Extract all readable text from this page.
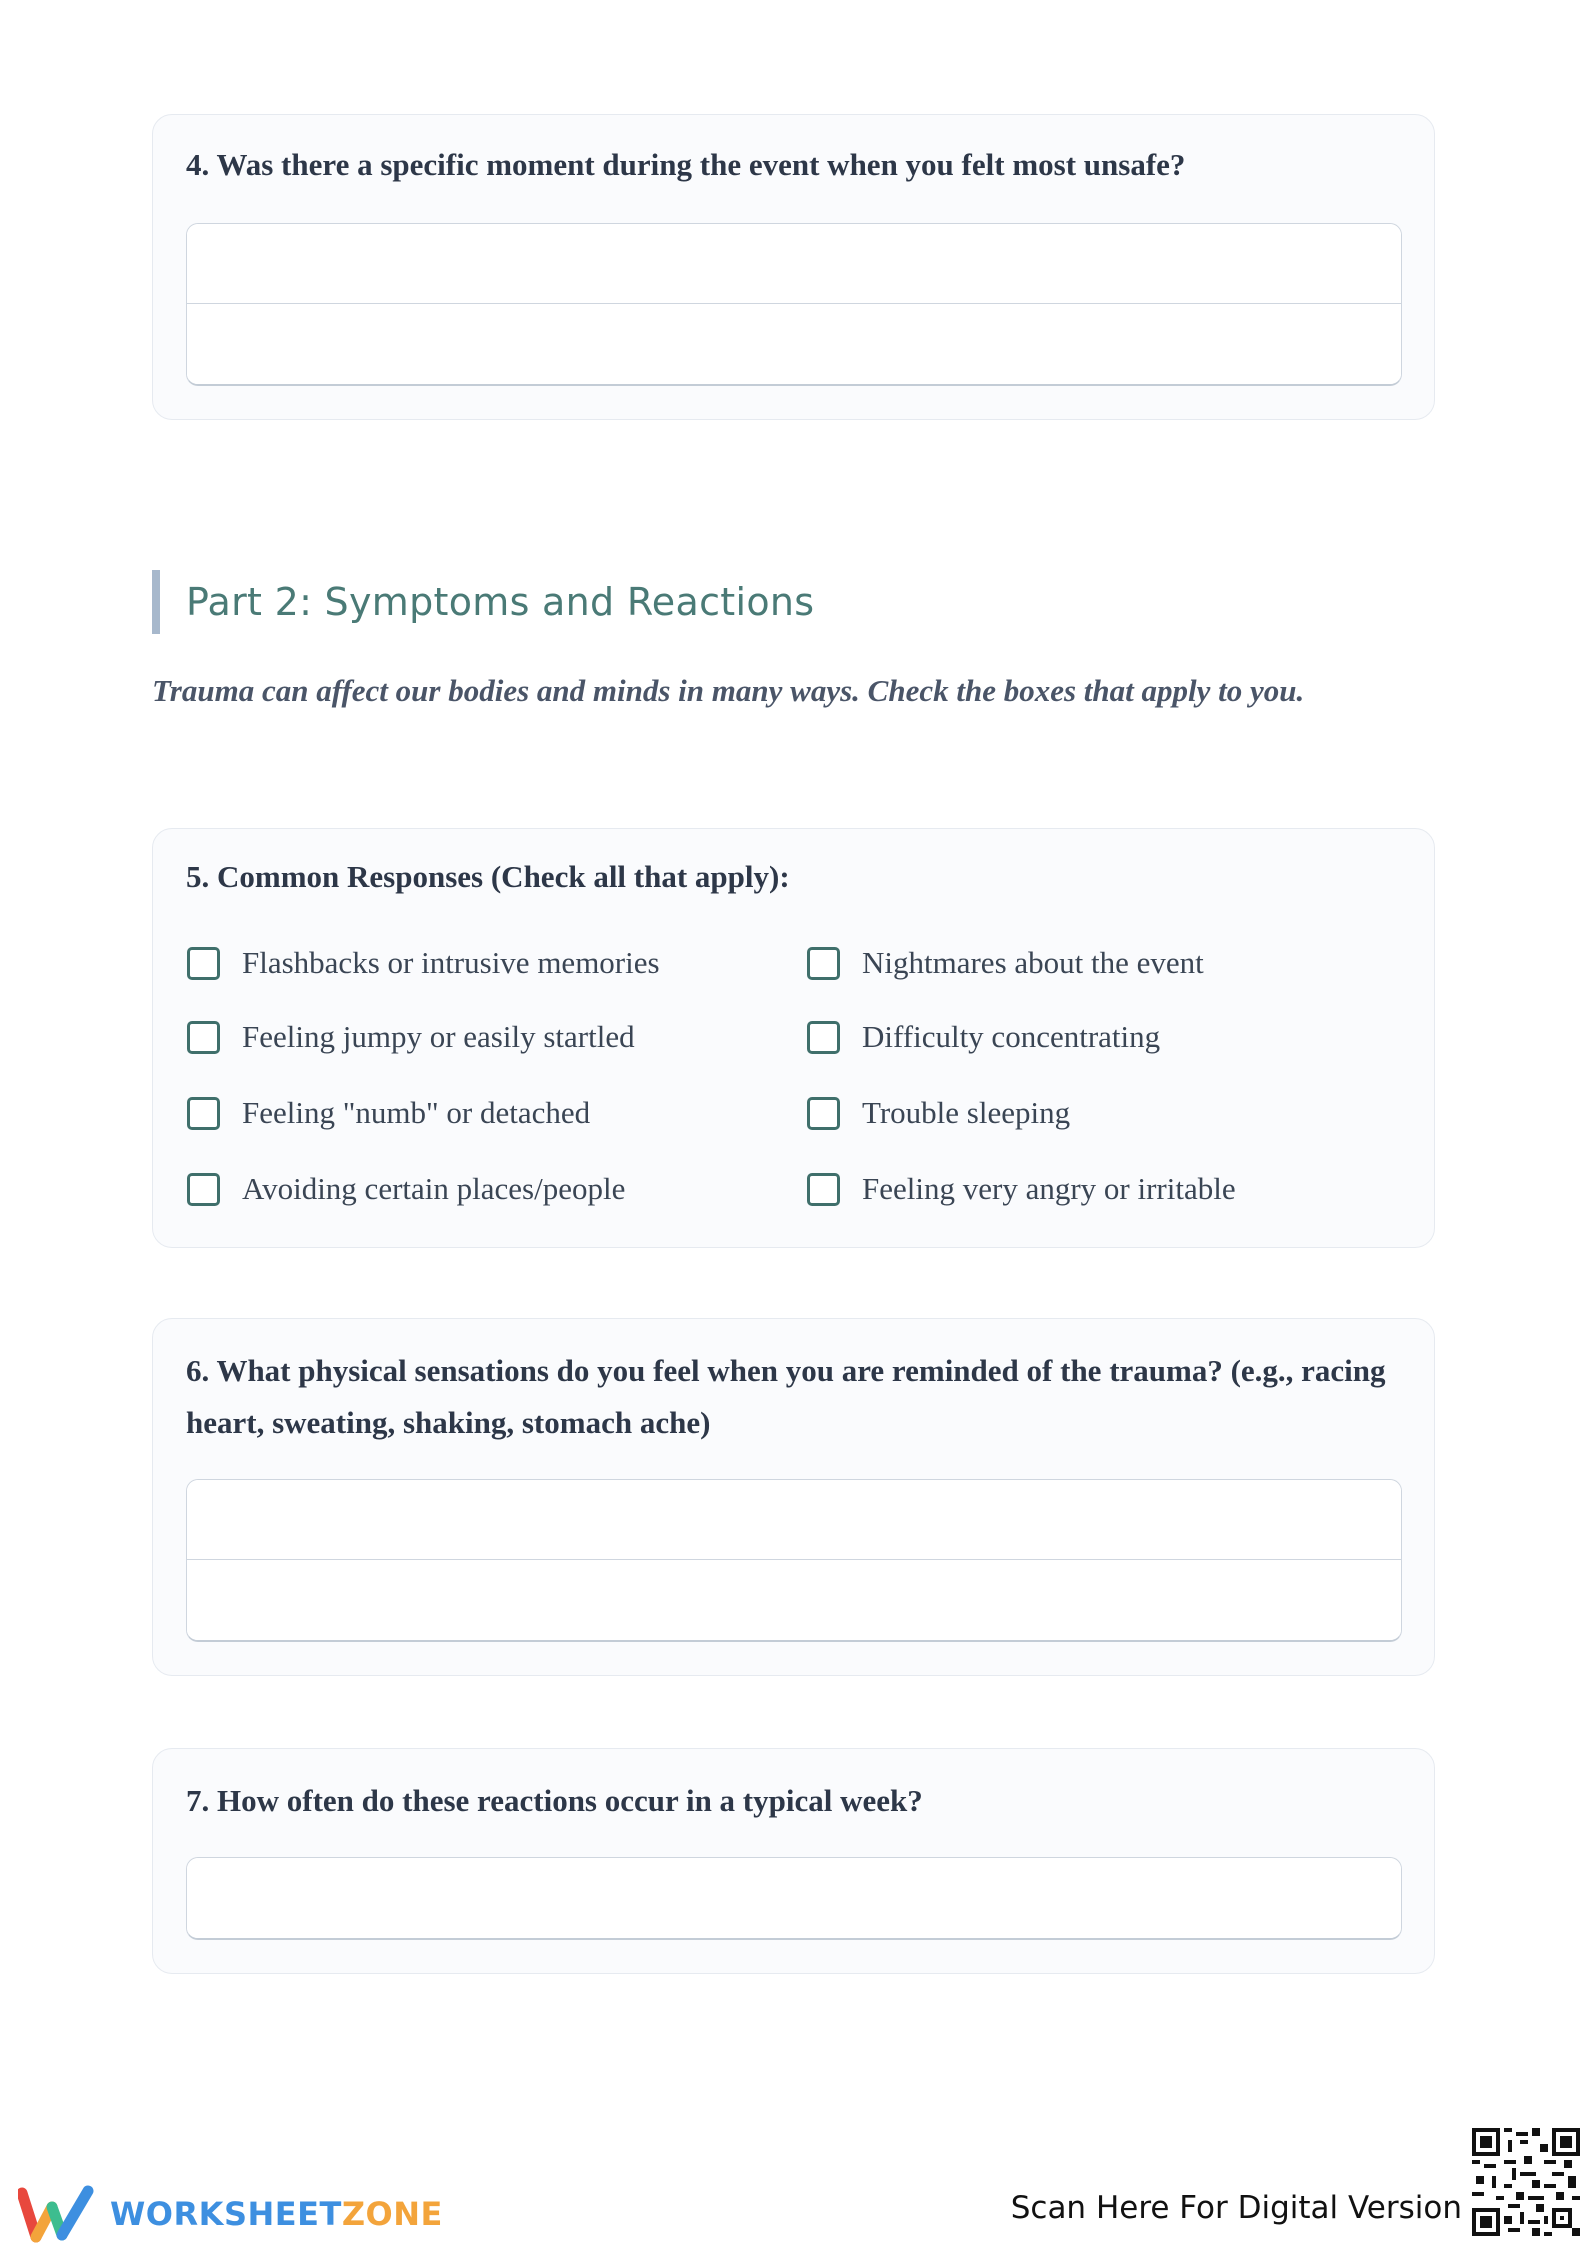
4. Was there a specific moment during the event when you felt most unsafe?
Part 2: Symptoms and Reactions
Trauma can affect our bodies and minds in many ways. Check the boxes that apply to you.
5. Common Responses (Check all that apply):
Flashbacks or intrusive memories	Nightmares about the event
Feeling jumpy or easily startled	Difficulty concentrating
Feeling "numb" or detached	Trouble sleeping
Avoiding certain places/people	Feeling very angry or irritable
6. What physical sensations do you feel when you are reminded of the trauma? (e.g., racing heart, sweating, shaking, stomach ache)
7. How often do these reactions occur in a typical week?
WORKSHEETZONE	Scan Here For Digital Version
